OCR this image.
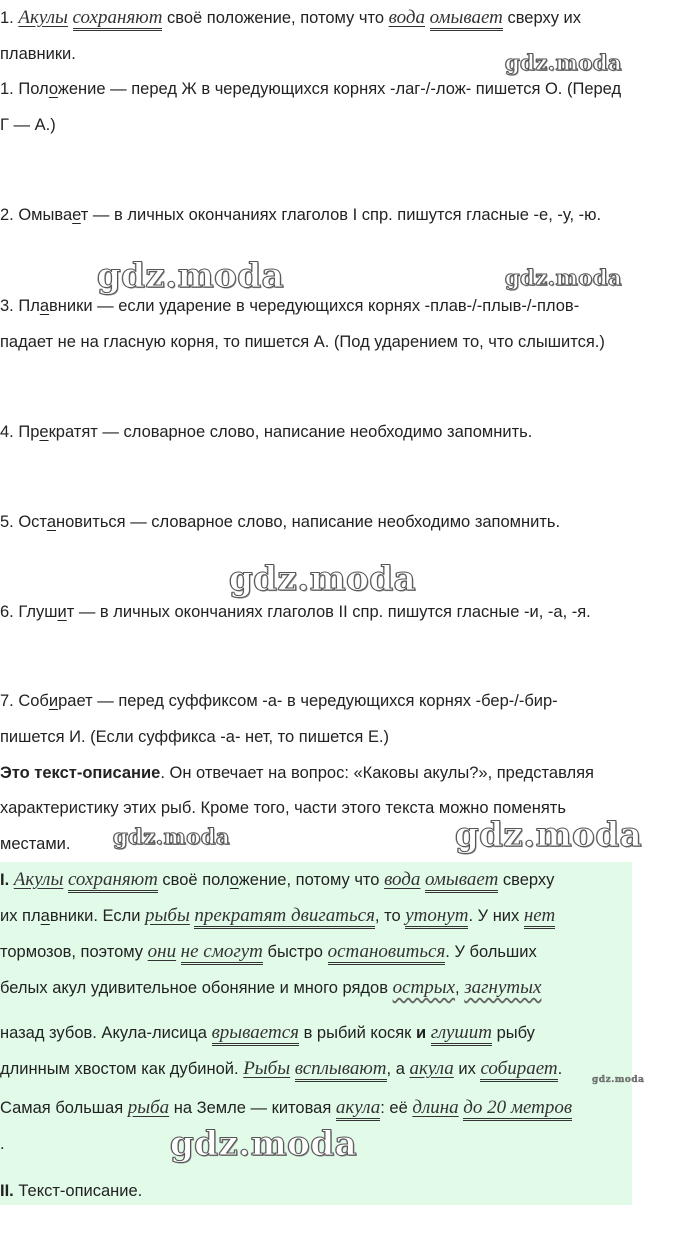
gdz.moda
gdz.moda	gdz.moda
gdz.moda
gdz.moda	gdz.moda
gdz.moda
gdz.moda
1. Акулы сохраняют своё положение, потому что вода омывает сверху их
плавники.
1. Положение — перед Ж в чередующихся корнях -лаг-/-лож- пишется О. (Перед
Г — А.)
2. Омывает — в личных окончаниях глаголов I спр. пишутся гласные -е, -у, -ю.
3. Плавники — если ударение в чередующихся корнях -плав-/-плыв-/-плов-
падает не на гласную корня, то пишется А. (Под ударением то, что слышится.)
4. Прекратят — словарное слово, написание необходимо запомнить.
5. Остановиться — словарное слово, написание необходимо запомнить.
6. Глушит — в личных окончаниях глаголов II спр. пишутся гласные -и, -а, -я.
7. Собирает — перед суффиксом -а- в чередующихся корнях -бер-/-бир-
пишется И. (Если суффикса -а- нет, то пишется Е.)
Это текст-описание. Он отвечает на вопрос: «Каковы акулы?», представляя
характеристику этих рыб. Кроме того, части этого текста можно поменять
местами.
I. Акулы сохраняют своё положение, потому что вода омывает сверху
их плавники. Если рыбы прекратят двигаться, то утонут. У них нет
тормозов, поэтому они не смогут быстро остановиться. У больших
белых акул удивительное обоняние и много рядов острых, загнутых
назад зубов. Акула-лисица врывается в рыбий косяк и глушит рыбу
длинным хвостом как дубиной. Рыбы всплывают, а акула их собирает.
Самая большая рыба на Земле — китовая акула: её длина до 20 метров
.
II. Текст-описание.
